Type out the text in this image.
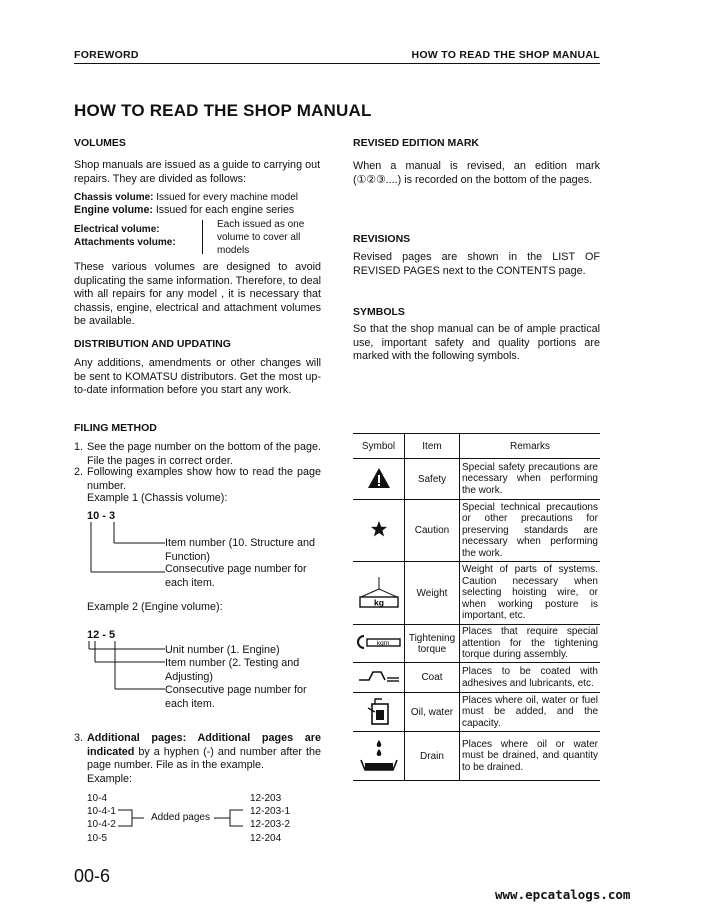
FOREWORD	HOW TO READ THE SHOP MANUAL
HOW TO READ THE SHOP MANUAL
VOLUMES

Shop manuals are issued as a guide to carrying out repairs. They are divided as follows:

Chassis volume: Issued for every machine model
Engine volume: Issued for each engine series
Electrical volume:
Attachments volume:
Each issued as one volume to cover all models

These various volumes are designed to avoid duplicating the same information. Therefore, to deal with all repairs for any model , it is necessary that chassis, engine, electrical and attachment volumes be available.

DISTRIBUTION AND UPDATING

Any additions, amendments or other changes will be sent to KOMATSU distributors. Get the most up-to-date information before you start any work.

FILING METHOD
1. See the page number on the bottom of the page. File the pages in correct order.

2. Following examples show how to read the page number.

Example 1 (Chassis volume):
10 - 3

Item number (10. Structure and Function)

Consecutive page number for each item.

Example 2 (Engine volume):
12 - 5
Unit number (1. Engine)

Item number (2. Testing and Adjusting)

Consecutive page number for each item.

3. Additional pages: Additional pages are indicated by a hyphen (-) and number after the page number. File as in the example.

Example:
10-4
10-4-1
10-4-2
10-5
Added pages
12-203
12-203-1
12-203-2
12-204
REVISED EDITION MARK

When a manual is revised, an edition mark (①②③....) is recorded on the bottom of the pages.

REVISIONS

Revised pages are shown in the LIST OF REVISED PAGES next to the CONTENTS page.

SYMBOLS

So that the shop manual can be of ample practical use, important safety and quality portions are marked with the following symbols.

Symbol	Item	Remarks
	Safety	Special safety precautions are necessary when performing the work.
	Caution	Special technical precautions or other precautions for preserving standards are necessary when performing the work.

kg	Weight	Weight of parts of systems. Caution necessary when selecting hoisting wire, or when working posture is important, etc.

kgm	Tightening torque	Places that require special attention for the tightening torque during assembly.
	Coat	Places to be coated with adhesives and lubricants, etc.
	Oil, water	Places where oil, water or fuel must be added, and the capacity.
	Drain	Places where oil or water must be drained, and quantity to be drained.
00-6
www.epcatalogs.com
